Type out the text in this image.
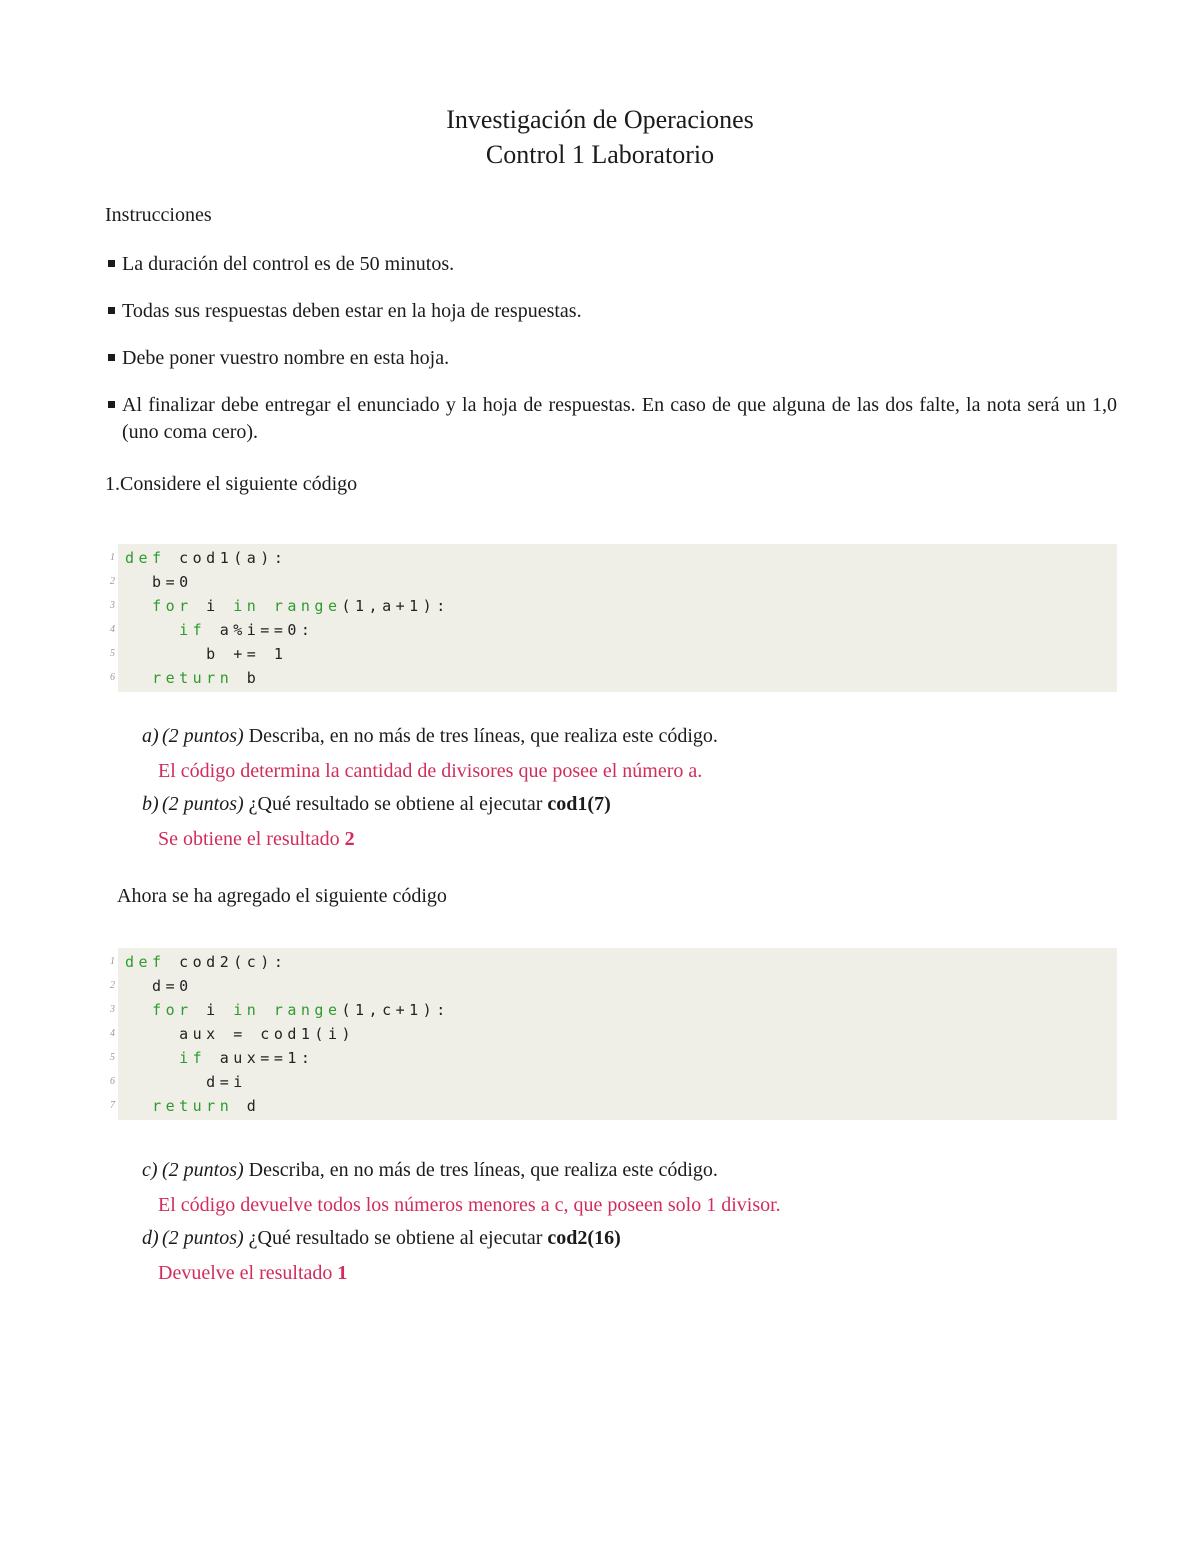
Investigación de Operaciones
Control 1 Laboratorio
Instrucciones
La duración del control es de 50 minutos.
Todas sus respuestas deben estar en la hoja de respuestas.
Debe poner vuestro nombre en esta hoja.
Al finalizar debe entregar el enunciado y la hoja de respuestas. En caso de que alguna de las dos falte, la nota será un 1,0 (uno coma cero).
1. Considere el siguiente código
1 def cod1(a):
2 b=0
3 for i in range(1,a+1):
4	if a%i==0:
5 b += 1
6 return b
a) (2 puntos) Describa, en no más de tres líneas, que realiza este código.
El código determina la cantidad de divisores que posee el número a.
b) (2 puntos) ¿Qué resultado se obtiene al ejecutar cod1(7)
Se obtiene el resultado 2
Ahora se ha agregado el siguiente código
1 def cod2(c):
2 d=0
3 for i in range(1,c+1):
4 aux = cod1(i)
5	if aux==1:
6 d=i
7 return d
c) (2 puntos) Describa, en no más de tres líneas, que realiza este código.
El código devuelve todos los números menores a c, que poseen solo 1 divisor.
d) (2 puntos) ¿Qué resultado se obtiene al ejecutar cod2(16)
Devuelve el resultado 1
